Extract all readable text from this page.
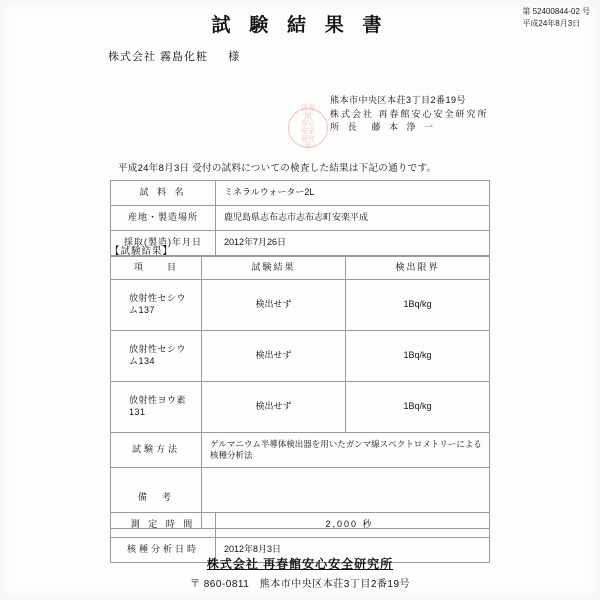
第 52400844-02 号
平成24年8月3日
試 験 結 果 書
株式会社 霧島化粧 様
再春館
安心安全
研究所
熊本市中央区本荘3丁目2番19号
株式会社 再春館安心安全研究所
所 長　藤 本 浄 一
平成24年8月3日 受付の試料についての検査した結果は下記の通りです。
試 料 名	ミネラルウォーター2L
産地・製造場所	鹿児島県志布志市志布志町安楽平成
採取(製造)年月日	2012年7月26日
【試験結果】
項　　目	試験結果	検出限界
放射性セシウム137	検出せず	1Bq/kg
放射性セシウム134	検出せず	1Bq/kg
放射性ヨウ素131	検出せず	1Bq/kg
試験方法	ゲルマニウム半導体検出器を用いたガンマ線スペクトロメトリーによる核種分析法	
備　考		
測 定 時 間	2,000 秒
核種分析日時	2012年8月3日
株式会社 再春館安心安全研究所
〒 860-0811　熊本市中央区本荘3丁目2番19号
